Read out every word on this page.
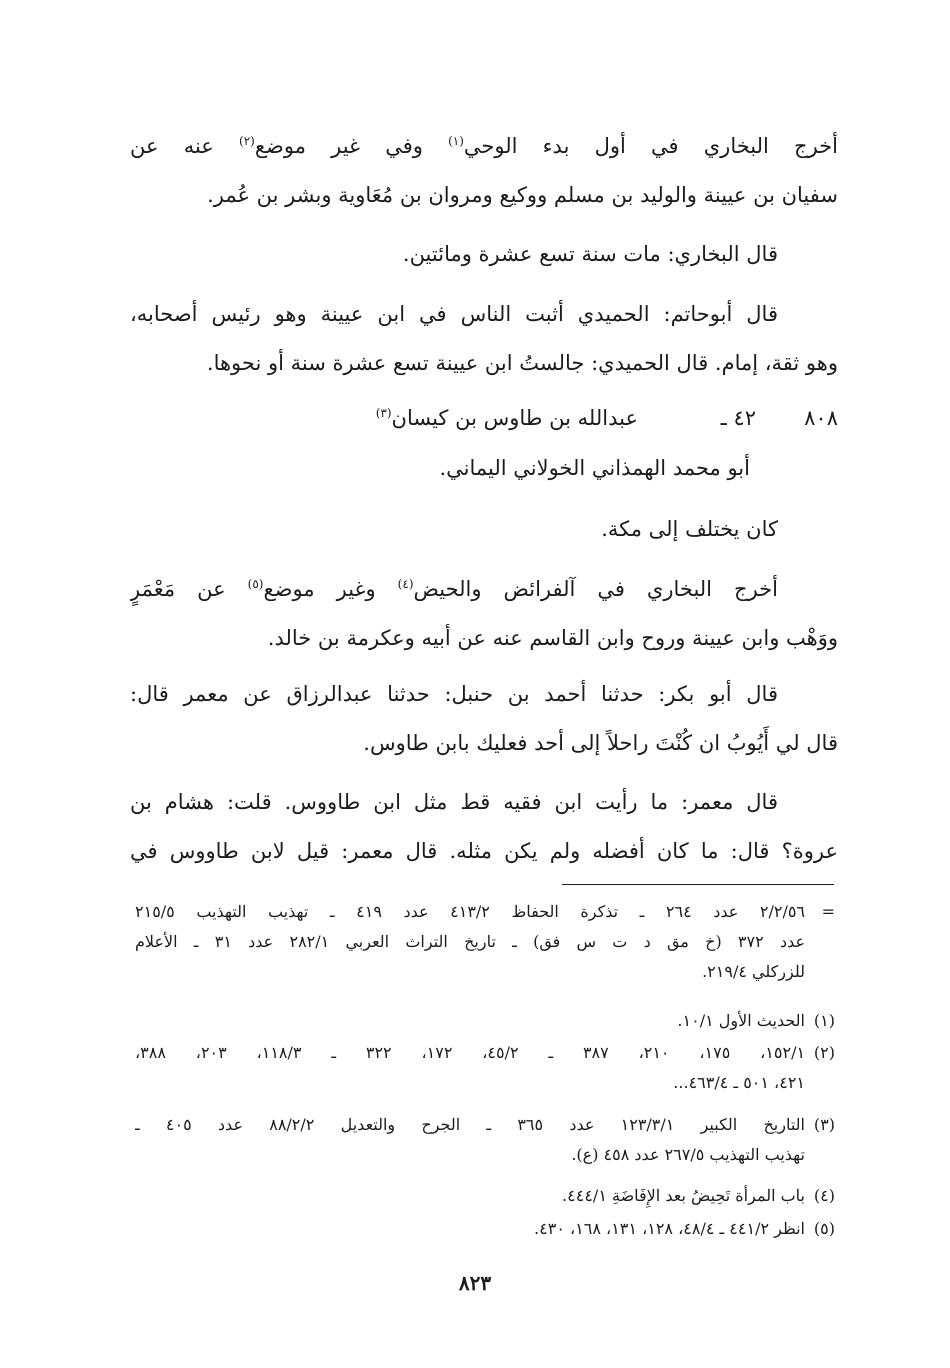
أخرج البخاري في أول بدء الوحي$^{(١)}$ وفي غير موضع$^{(٢)}$ عنه عن
سفيان بن عيينة والوليد بن مسلم ووكيع ومروان بن مُعَاوية وبشر بن عُمر.

قال البخاري: مات سنة تسع عشرة ومائتين.

قال أبوحاتم: الحميدي أثبت الناس في ابن عيينة وهو رئيس أصحابه،
وهو ثقة، إمام. قال الحميدي: جالستُ ابن عيينة تسع عشرة سنة أو نحوها.

٨٠٨
٤٢ ـ
عبدالله بن طاوس بن كيسان$^{(٣)}$
أبو محمد الهمذاني الخولاني اليماني.

كان يختلف إلى مكة.

أخرج البخاري في آلفرائض والحيض$^{(٤)}$ وغير موضع$^{(٥)}$ عن مَعْمَرٍ
ووَهْب وابن عيينة وروح وابن القاسم عنه عن أبيه وعكرمة بن خالد.

قال أبو بكر: حدثنا أحمد بن حنبل: حدثنا عبدالرزاق عن معمر قال:
قال لي أَيُوبُ ان كُنْتَ راحلاً إلى أحد فعليك بابن طاوس.

قال معمر: ما رأيت ابن فقيه قط مثل ابن طاووس. قلت: هشام بن
عروة؟ قال: ما كان أفضله ولم يكن مثله. قال معمر: قيل لابن طاووس في

=
٢/٢/٥٦ عدد ٢٦٤ ـ تذكرة الحفاظ ٤١٣/٢ عدد ٤١٩ ـ تهذيب التهذيب ٢١٥/٥
عدد ٣٧٢ (خ مق د ت س فق) ـ تاريخ التراث العربي ٢٨٢/١ عدد ٣١ ـ الأعلام
للزركلي ٢١٩/٤.
(١)
الحديث الأول ١٠/١.
(٢)
١٥٢/١، ١٧٥، ٢١٠، ٣٨٧ ـ ٤٥/٢، ١٧٢، ٣٢٢ ـ ١١٨/٣، ٢٠٣، ٣٨٨،
٤٢١، ٥٠١ ـ ٤٦٣/٤...
(٣)
التاريخ الكبير ١٢٣/٣/١ عدد ٣٦٥ ـ الجرح والتعديل ٨٨/٢/٢ عدد ٤٠٥ ـ
تهذيب التهذيب ٢٦٧/٥ عدد ٤٥٨ (ع).
(٤)
باب المرأة تَحِيضُ بعد الإِفَاضَةِ ٤٤٤/١.
(٥)
انظر ٤٤١/٢ ـ ٤٨/٤، ١٢٨، ١٣١، ١٦٨، ٤٣٠.
٨٢٣
